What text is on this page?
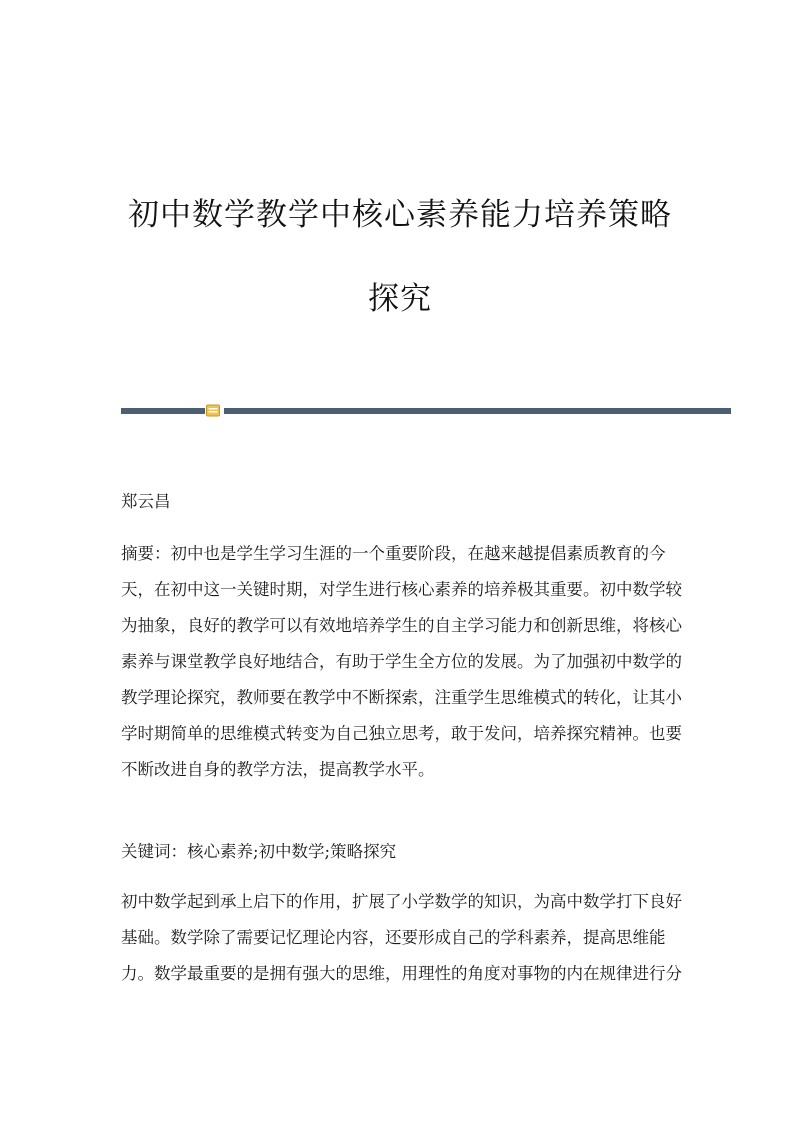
初中数学教学中核心素养能力培养策略
探究
郑云昌
摘要：初中也是学生学习生涯的一个重要阶段，在越来越提倡素质教育的今
天，在初中这一关键时期，对学生进行核心素养的培养极其重要。初中数学较
为抽象，良好的教学可以有效地培养学生的自主学习能力和创新思维，将核心
素养与课堂教学良好地结合，有助于学生全方位的发展。为了加强初中数学的
教学理论探究，教师要在教学中不断探索，注重学生思维模式的转化，让其小
学时期简单的思维模式转变为自己独立思考，敢于发问，培养探究精神。也要
不断改进自身的教学方法，提高教学水平。
关键词：核心素养;初中数学;策略探究
初中数学起到承上启下的作用，扩展了小学数学的知识，为高中数学打下良好
基础。数学除了需要记忆理论内容，还要形成自己的学科素养，提高思维能
力。数学最重要的是拥有强大的思维，用理性的角度对事物的内在规律进行分
